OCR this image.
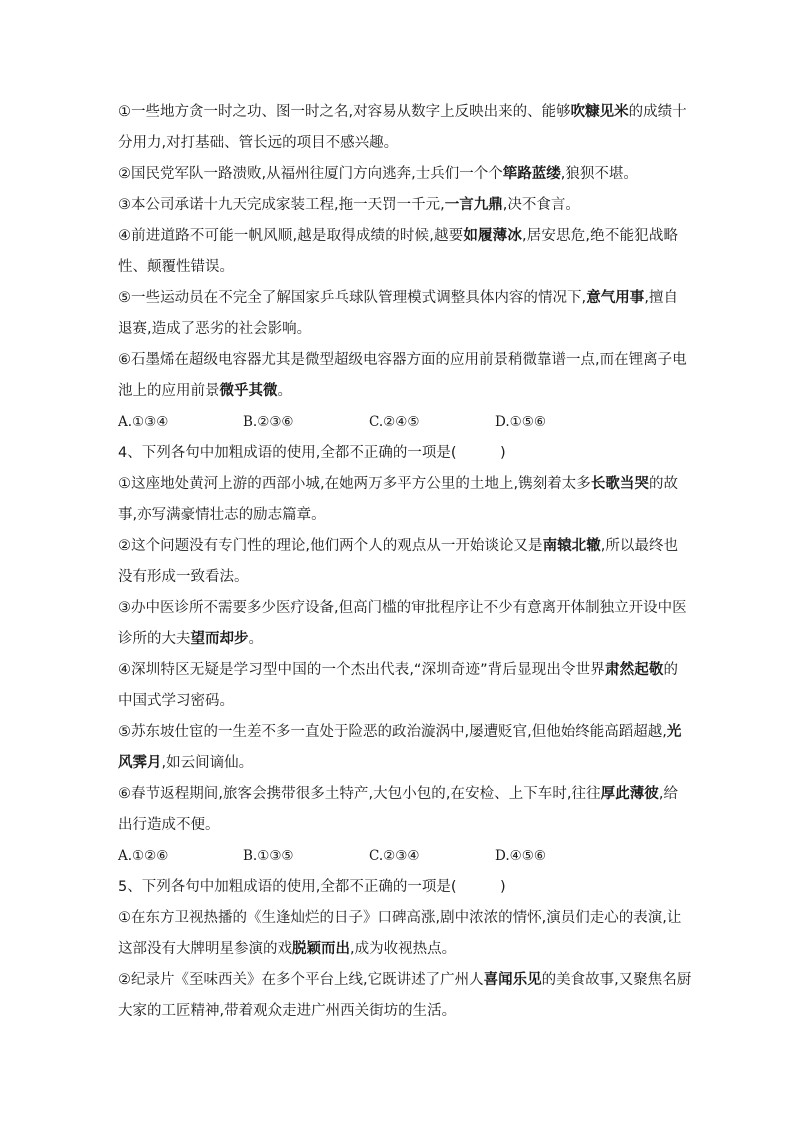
①一些地方贪一时之功、图一时之名,对容易从数字上反映出来的、能够吹糠见米的成绩十
分用力,对打基础、管长远的项目不感兴趣。
②国民党军队一路溃败,从福州往厦门方向逃奔,士兵们一个个筚路蓝缕,狼狈不堪。
③本公司承诺十九天完成家装工程,拖一天罚一千元,一言九鼎,决不食言。
④前进道路不可能一帆风顺,越是取得成绩的时候,越要如履薄冰,居安思危,绝不能犯战略
性、颠覆性错误。
⑤一些运动员在不完全了解国家乒乓球队管理模式调整具体内容的情况下,意气用事,擅自
退赛,造成了恶劣的社会影响。
⑥石墨烯在超级电容器尤其是微型超级电容器方面的应用前景稍微靠谱一点,而在锂离子电
池上的应用前景微乎其微。
A.①③④	B.②③⑥	C.②④⑤	D.①⑤⑥
4、下列各句中加粗成语的使用,全都不正确的一项是(　　　)
①这座地处黄河上游的西部小城,在她两万多平方公里的土地上,镌刻着太多长歌当哭的故
事,亦写满豪情壮志的励志篇章。
②这个问题没有专门性的理论,他们两个人的观点从一开始谈论又是南辕北辙,所以最终也
没有形成一致看法。
③办中医诊所不需要多少医疗设备,但高门槛的审批程序让不少有意离开体制独立开设中医
诊所的大夫望而却步。
④深圳特区无疑是学习型中国的一个杰出代表,“深圳奇迹”背后显现出令世界肃然起敬的
中国式学习密码。
⑤苏东坡仕宦的一生差不多一直处于险恶的政治漩涡中,屡遭贬官,但他始终能高蹈超越,光
风霁月,如云间谪仙。
⑥春节返程期间,旅客会携带很多土特产,大包小包的,在安检、上下车时,往往厚此薄彼,给
出行造成不便。
A.①②⑥	B.①③⑤	C.②③④	D.④⑤⑥
5、下列各句中加粗成语的使用,全都不正确的一项是(　　　)
①在东方卫视热播的《生逢灿烂的日子》口碑高涨,剧中浓浓的情怀,演员们走心的表演,让
这部没有大牌明星参演的戏脱颖而出,成为收视热点。
②纪录片《至味西关》在多个平台上线,它既讲述了广州人喜闻乐见的美食故事,又聚焦名厨
大家的工匠精神,带着观众走进广州西关街坊的生活。
